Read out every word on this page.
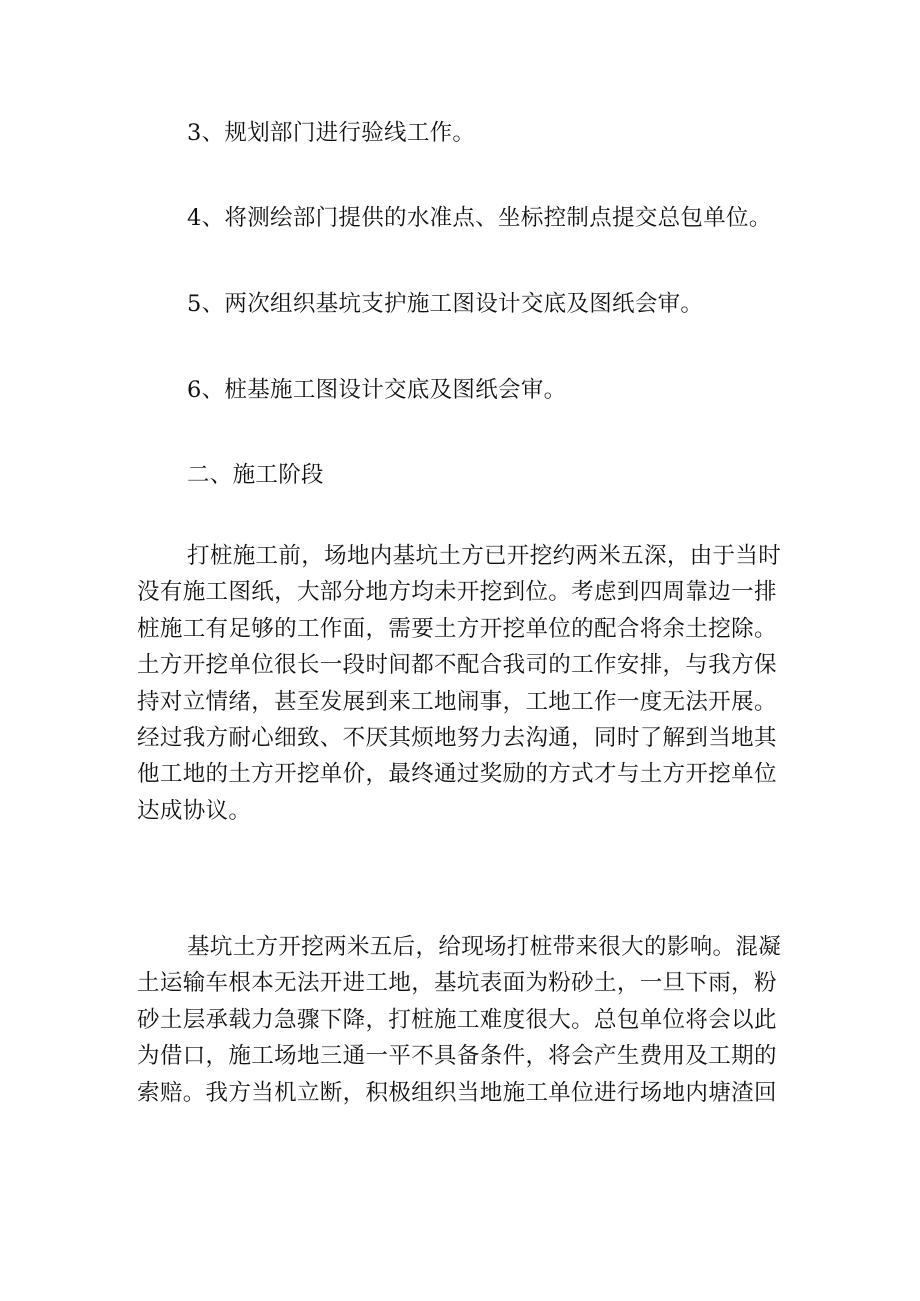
3、规划部门进行验线工作。
4、将测绘部门提供的水准点、坐标控制点提交总包单位。
5、两次组织基坑支护施工图设计交底及图纸会审。
6、桩基施工图设计交底及图纸会审。
二、施工阶段
打桩施工前，场地内基坑土方已开挖约两米五深，由于当时
没有施工图纸，大部分地方均未开挖到位。考虑到四周靠边一排
桩施工有足够的工作面，需要土方开挖单位的配合将余土挖除。
土方开挖单位很长一段时间都不配合我司的工作安排，与我方保
持对立情绪，甚至发展到来工地闹事，工地工作一度无法开展。
经过我方耐心细致、不厌其烦地努力去沟通，同时了解到当地其
他工地的土方开挖单价，最终通过奖励的方式才与土方开挖单位
达成协议。
基坑土方开挖两米五后，给现场打桩带来很大的影响。混凝
土运输车根本无法开进工地，基坑表面为粉砂土，一旦下雨，粉
砂土层承载力急骤下降，打桩施工难度很大。总包单位将会以此
为借口，施工场地三通一平不具备条件，将会产生费用及工期的
索赔。我方当机立断，积极组织当地施工单位进行场地内塘渣回
